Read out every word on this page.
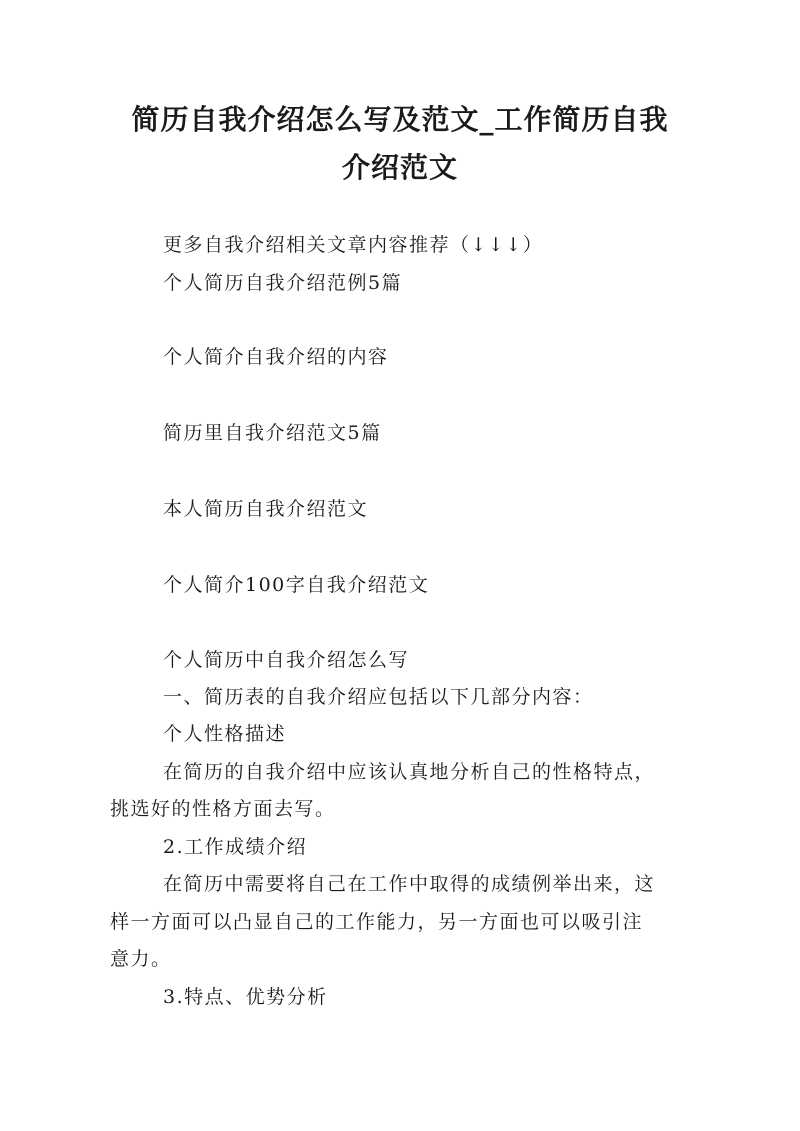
简历自我介绍怎么写及范文_工作简历自我
介绍范文

更多自我介绍相关文章内容推荐（↓↓↓）

个人简历自我介绍范例5篇

个人简介自我介绍的内容

简历里自我介绍范文5篇

本人简历自我介绍范文

个人简介100字自我介绍范文

个人简历中自我介绍怎么写

一、简历表的自我介绍应包括以下几部分内容：

个人性格描述

在简历的自我介绍中应该认真地分析自己的性格特点，

挑选好的性格方面去写。

2.工作成绩介绍

在简历中需要将自己在工作中取得的成绩例举出来，这

样一方面可以凸显自己的工作能力，另一方面也可以吸引注

意力。

3.特点、优势分析
